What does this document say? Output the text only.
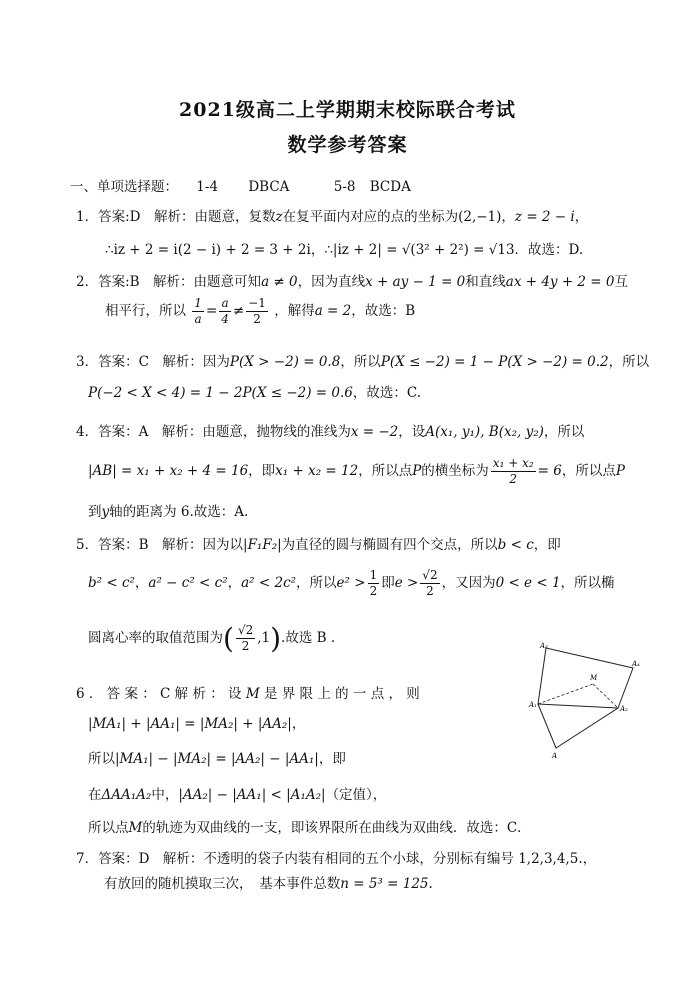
2021级高二上学期期末校际联合考试
数学参考答案
一、单项选择题： 1-4 DBCA	5-8 BCDA
1．答案:D　解析：由题意，复数z在复平面内对应的点的坐标为(2,−1)，z = 2 − i，
∴iz + 2 = i(2 − i) + 2 = 3 + 2i，∴|iz + 2| = √(3² + 2²) = √13．故选：D.
2．答案:B　解析：由题意可知a ≠ 0，因为直线x + ay − 1 = 0和直线ax + 4y + 2 = 0互
相平行，所以 $\frac{1}{a} = \frac{a}{4} \ne \frac{-1}{2}$ ，解得a = 2，故选：B
3．答案：C　解析：因为P(X > −2) = 0.8，所以P(X ≤ −2) = 1 − P(X > −2) = 0.2，所以
P(−2 < X < 4) = 1 − 2P(X ≤ −2) = 0.6，故选：C.
4．答案：A　解析：由题意，抛物线的准线为x = −2，设A(x₁, y₁), B(x₂, y₂)，所以
|AB| = x₁ + x₂ + 4 = 16，即x₁ + x₂ = 12，所以点P的横坐标为 $\frac{\text{x₁ + x₂}}{2} = 6$，所以点P
到y轴的距离为 6.故选：A.
5．答案：B　解析：因为以|F₁F₂|为直径的圆与椭圆有四个交点，所以b < c，即
b² < c²，a² − c² < c²，a² < 2c²，所以$e^2 > \frac{1}{2}$ 即$e > \frac{√2}{2}$ ，又因为0 < e < 1，所以椭
圆离心率的取值范围为( $\frac{√2}{2} ,1$).故选 B .
6 ． 答 案 ： C 解 析 ： 设 M 是 界 限 上 的 一 点 ， 则
|MA₁| + |AA₁| = |MA₂| + |AA₂|，
所以|MA₁| − |MA₂| = |AA₂| − |AA₁|，即
在ΔAA₁A₂中，|AA₂| − |AA₁| < |A₁A₂|（定值），
所以点M的轨迹为双曲线的一支，即该界限所在曲线为双曲线．故选：C．
7．答案：D　解析：不透明的袋子内装有相同的五个小球，分别标有编号 1,2,3,4,5.，
有放回的随机摸取三次，　基本事件总数n = 5³ = 125.
A₃
A₄
M
A₁	A₂
A
